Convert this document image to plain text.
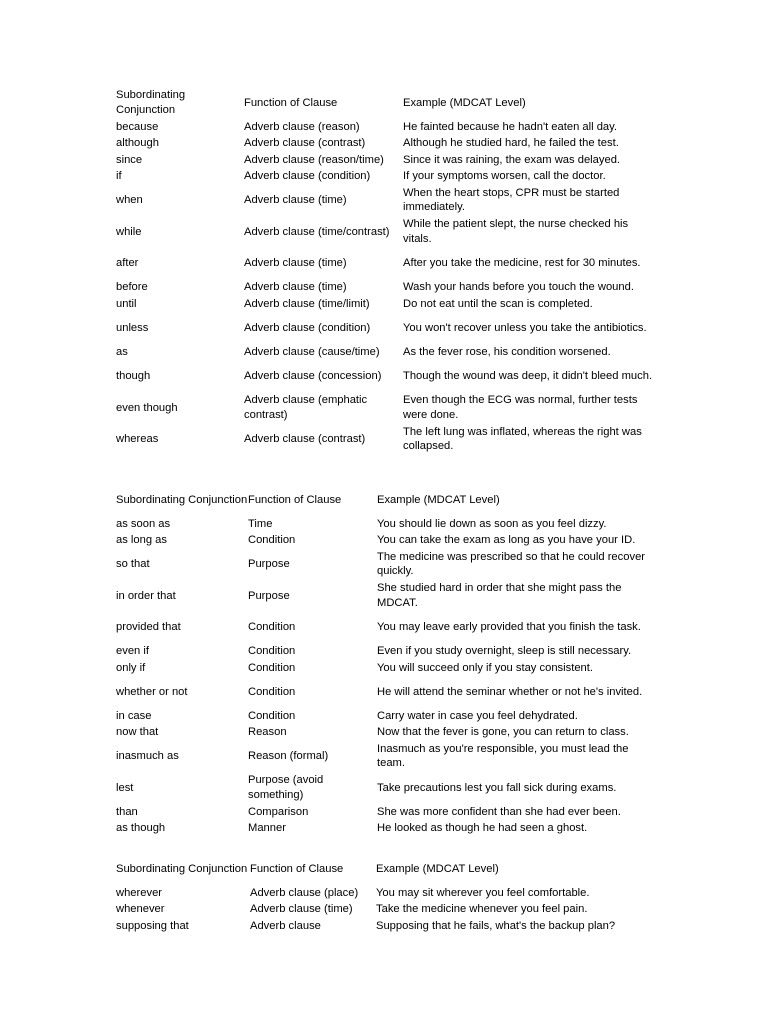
Subordinating Conjunction	Function of Clause	Example (MDCAT Level)
because	Adverb clause (reason)	He fainted because he hadn't eaten all day.
although	Adverb clause (contrast)	Although he studied hard, he failed the test.
since	Adverb clause (reason/time)	Since it was raining, the exam was delayed.
if	Adverb clause (condition)	If your symptoms worsen, call the doctor.
when	Adverb clause (time)	When the heart stops, CPR must be started immediately.
while	Adverb clause (time/contrast)	While the patient slept, the nurse checked his vitals.
after	Adverb clause (time)	After you take the medicine, rest for 30 minutes.
before	Adverb clause (time)	Wash your hands before you touch the wound.
until	Adverb clause (time/limit)	Do not eat until the scan is completed.
unless	Adverb clause (condition)	You won't recover unless you take the antibiotics.
as	Adverb clause (cause/time)	As the fever rose, his condition worsened.
though	Adverb clause (concession)	Though the wound was deep, it didn't bleed much.
even though	Adverb clause (emphatic contrast)	Even though the ECG was normal, further tests were done.
whereas	Adverb clause (contrast)	The left lung was inflated, whereas the right was collapsed.
Subordinating Conjunction	Function of Clause	Example (MDCAT Level)
as soon as	Time	You should lie down as soon as you feel dizzy.
as long as	Condition	You can take the exam as long as you have your ID.
so that	Purpose	The medicine was prescribed so that he could recover quickly.
in order that	Purpose	She studied hard in order that she might pass the MDCAT.
provided that	Condition	You may leave early provided that you finish the task.
even if	Condition	Even if you study overnight, sleep is still necessary.
only if	Condition	You will succeed only if you stay consistent.
whether or not	Condition	He will attend the seminar whether or not he's invited.
in case	Condition	Carry water in case you feel dehydrated.
now that	Reason	Now that the fever is gone, you can return to class.
inasmuch as	Reason (formal)	Inasmuch as you're responsible, you must lead the team.
lest	Purpose (avoid something)	Take precautions lest you fall sick during exams.
than	Comparison	She was more confident than she had ever been.
as though	Manner	He looked as though he had seen a ghost.
Subordinating Conjunction	Function of Clause	Example (MDCAT Level)
wherever	Adverb clause (place)	You may sit wherever you feel comfortable.
whenever	Adverb clause (time)	Take the medicine whenever you feel pain.
supposing that	Adverb clause	Supposing that he fails, what's the backup plan?
